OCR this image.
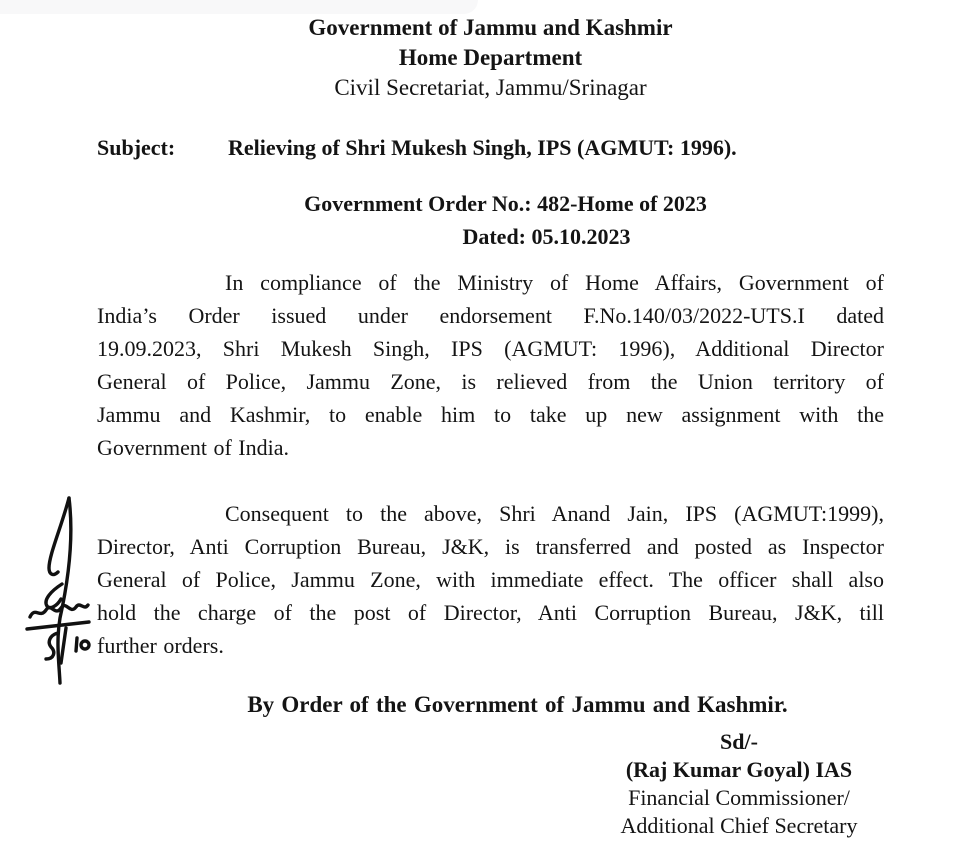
Government of Jammu and Kashmir
Home Department
Civil Secretariat, Jammu/Srinagar
Subject:	Relieving of Shri Mukesh Singh, IPS (AGMUT: 1996).
Government Order No.: 482-Home of 2023
Dated: 05.10.2023
In compliance of the Ministry of Home Affairs, Government of
India’s Order issued under endorsement F.No.140/03/2022-UTS.I dated
19.09.2023, Shri Mukesh Singh, IPS (AGMUT: 1996), Additional Director
General of Police, Jammu Zone, is relieved from the Union territory of
Jammu and Kashmir, to enable him to take up new assignment with the
Government of India.
Consequent to the above, Shri Anand Jain, IPS (AGMUT:1999),
Director, Anti Corruption Bureau, J&K, is transferred and posted as Inspector
General of Police, Jammu Zone, with immediate effect. The officer shall also
hold the charge of the post of Director, Anti Corruption Bureau, J&K, till
further orders.
By Order of the Government of Jammu and Kashmir.
Sd/-
(Raj Kumar Goyal) IAS
Financial Commissioner/
Additional Chief Secretary
